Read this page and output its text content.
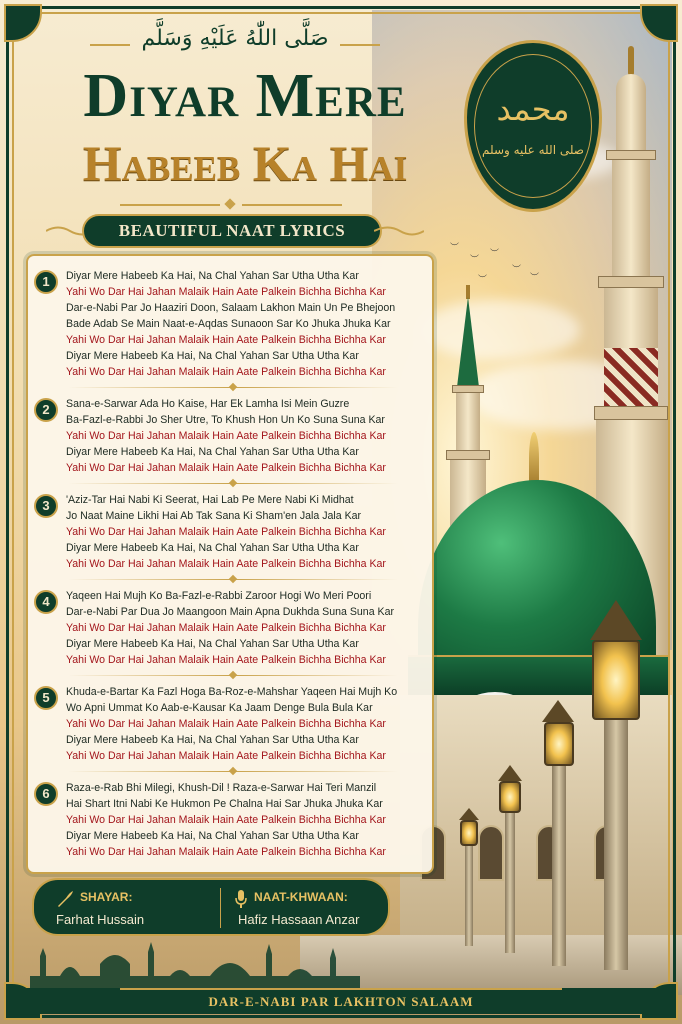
︶
︶
︶
︶
︶
︶
صَلَّى اللّٰهُ عَلَيْهِ وَسَلَّم
Diyar Mere
Habeeb Ka Hai
محمد
صلى الله عليه وسلم
BEAUTIFUL NAAT LYRICS
1	Diyar Mere Habeeb Ka Hai, Na Chal Yahan Sar Utha Utha Kar
Yahi Wo Dar Hai Jahan Malaik Hain Aate Palkein Bichha Bichha Kar
Dar-e-Nabi Par Jo Haaziri Doon, Salaam Lakhon Main Un Pe Bhejoon
Bade Adab Se Main Naat-e-Aqdas Sunaoon Sar Ko Jhuka Jhuka Kar
Yahi Wo Dar Hai Jahan Malaik Hain Aate Palkein Bichha Bichha Kar
Diyar Mere Habeeb Ka Hai, Na Chal Yahan Sar Utha Utha Kar
Yahi Wo Dar Hai Jahan Malaik Hain Aate Palkein Bichha Bichha Kar
2	Sana-e-Sarwar Ada Ho Kaise, Har Ek Lamha Isi Mein Guzre
Ba-Fazl-e-Rabbi Jo Sher Utre, To Khush Hon Un Ko Suna Suna Kar
Yahi Wo Dar Hai Jahan Malaik Hain Aate Palkein Bichha Bichha Kar
Diyar Mere Habeeb Ka Hai, Na Chal Yahan Sar Utha Utha Kar
Yahi Wo Dar Hai Jahan Malaik Hain Aate Palkein Bichha Bichha Kar
3	'Aziz-Tar Hai Nabi Ki Seerat, Hai Lab Pe Mere Nabi Ki Midhat
Jo Naat Maine Likhi Hai Ab Tak Sana Ki Sham'en Jala Jala Kar
Yahi Wo Dar Hai Jahan Malaik Hain Aate Palkein Bichha Bichha Kar
Diyar Mere Habeeb Ka Hai, Na Chal Yahan Sar Utha Utha Kar
Yahi Wo Dar Hai Jahan Malaik Hain Aate Palkein Bichha Bichha Kar
4	Yaqeen Hai Mujh Ko Ba-Fazl-e-Rabbi Zaroor Hogi Wo Meri Poori
Dar-e-Nabi Par Dua Jo Maangoon Main Apna Dukhda Suna Suna Kar
Yahi Wo Dar Hai Jahan Malaik Hain Aate Palkein Bichha Bichha Kar
Diyar Mere Habeeb Ka Hai, Na Chal Yahan Sar Utha Utha Kar
Yahi Wo Dar Hai Jahan Malaik Hain Aate Palkein Bichha Bichha Kar
5	Khuda-e-Bartar Ka Fazl Hoga Ba-Roz-e-Mahshar Yaqeen Hai Mujh Ko
Wo Apni Ummat Ko Aab-e-Kausar Ka Jaam Denge Bula Bula Kar
Yahi Wo Dar Hai Jahan Malaik Hain Aate Palkein Bichha Bichha Kar
Diyar Mere Habeeb Ka Hai, Na Chal Yahan Sar Utha Utha Kar
Yahi Wo Dar Hai Jahan Malaik Hain Aate Palkein Bichha Bichha Kar
6	Raza-e-Rab Bhi Milegi, Khush-Dil ! Raza-e-Sarwar Hai Teri Manzil
Hai Shart Itni Nabi Ke Hukmon Pe Chalna Hai Sar Jhuka Jhuka Kar
Yahi Wo Dar Hai Jahan Malaik Hain Aate Palkein Bichha Bichha Kar
Diyar Mere Habeeb Ka Hai, Na Chal Yahan Sar Utha Utha Kar
Yahi Wo Dar Hai Jahan Malaik Hain Aate Palkein Bichha Bichha Kar
SHAYAR:
Farhat Hussain
NAAT-KHWAAN:
Hafiz Hassaan Anzar
DAR-E-NABI PAR LAKHTON SALAAM
